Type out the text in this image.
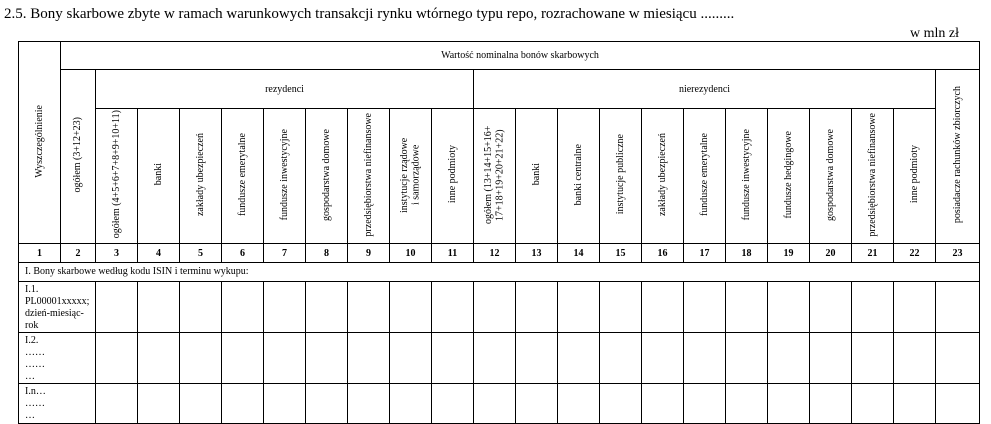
2.5. Bony skarbowe zbyte w ramach warunkowych transakcji rynku wtórnego typu repo, rozrachowane w miesiącu .........
w mln zł
Wyszczególnienie	Wartość nominalna bonów skarbowych																					
	ogółem (3+12+23)	rezydenci									nierezydenci											posiadacze rachunków zbiorczych
		ogółem (4+5+6+7+8+9+10+11)	banki	zakłady ubezpieczeń	fundusze emerytalne	fundusze inwestycyjne	gospodarstwa domowe	przedsiębiorstwa niefinansowe	instytucje rządowe i samorządowe	inne podmioty	ogółem (13+14+15+16+ 17+18+19+20+21+22)	banki	banki centralne	instytucje publiczne	zakłady ubezpieczeń	fundusze emerytalne	fundusze inwestycyjne	fundusze hedgingowe	gospodarstwa domowe	przedsiębiorstwa niefinansowe	inne podmioty	
1	2	3	4	5	6	7	8	9	10	11	12	13	14	15	16	17	18	19	20	21	22	23
I. Bony skarbowe według kodu ISIN i terminu wykupu:																						

I.1. PL00001xxxxx;
dzień-miesiąc-rok																						

I.2.
……
……
…																						

I.n…
……
…																						
